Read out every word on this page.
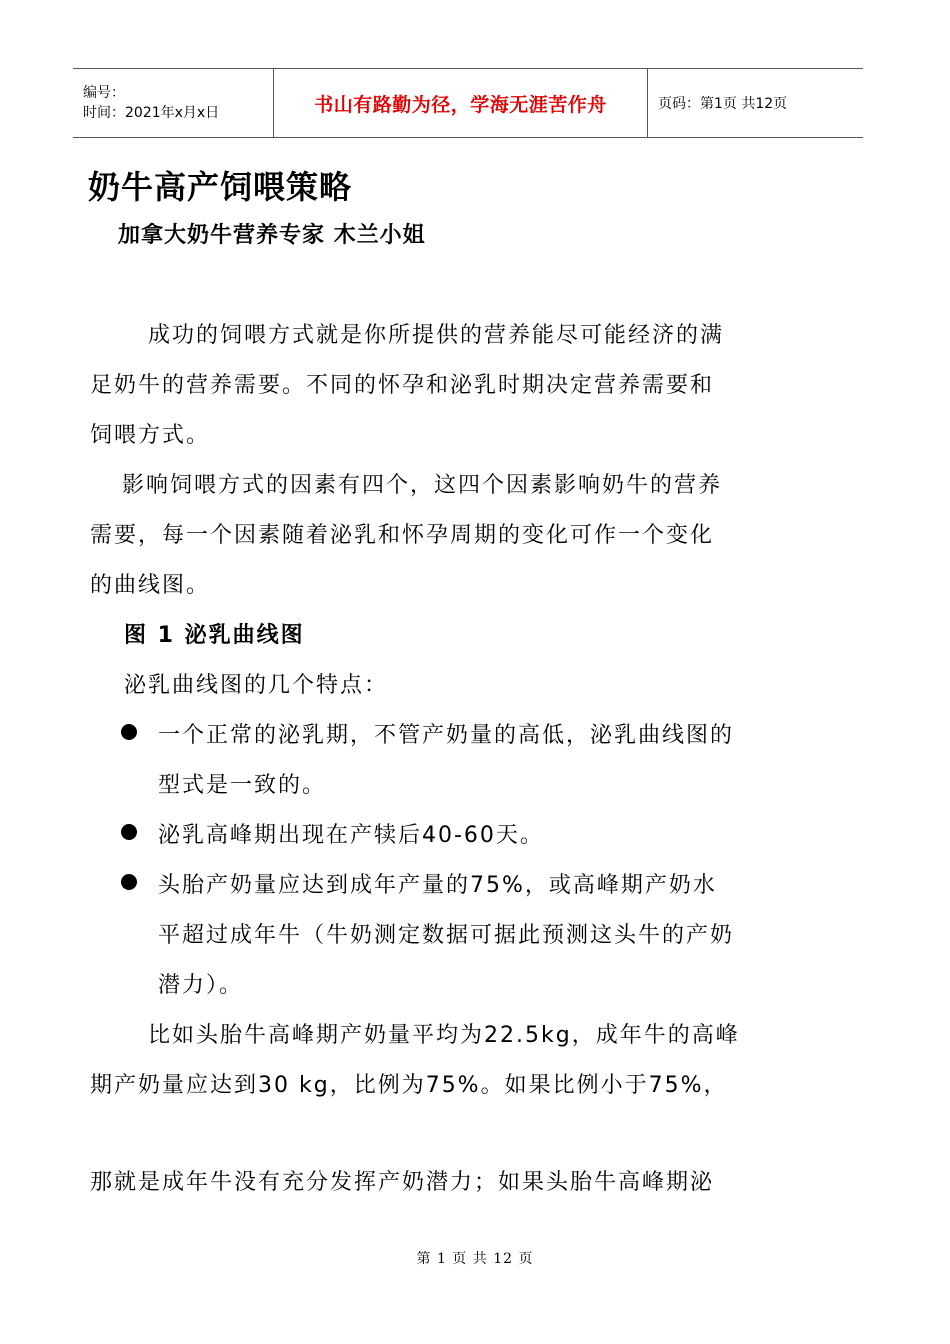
编号：
时间：2021年x月x日	书山有路勤为径，学海无涯苦作舟	页码：第1页 共12页
奶牛高产饲喂策略
加拿大奶牛营养专家 木兰小姐
成功的饲喂方式就是你所提供的营养能尽可能经济的满
足奶牛的营养需要。不同的怀孕和泌乳时期决定营养需要和
饲喂方式。
影响饲喂方式的因素有四个，这四个因素影响奶牛的营养
需要，每一个因素随着泌乳和怀孕周期的变化可作一个变化
的曲线图。
图 1 泌乳曲线图
泌乳曲线图的几个特点：
一个正常的泌乳期，不管产奶量的高低，泌乳曲线图的
型式是一致的。
泌乳高峰期出现在产犊后40-60天。
头胎产奶量应达到成年产量的75%，或高峰期产奶水
平超过成年牛（牛奶测定数据可据此预测这头牛的产奶
潜力）。
比如头胎牛高峰期产奶量平均为22.5kg，成年牛的高峰
期产奶量应达到30 kg，比例为75%。如果比例小于75%，
那就是成年牛没有充分发挥产奶潜力；如果头胎牛高峰期泌
第 1 页 共 12 页
